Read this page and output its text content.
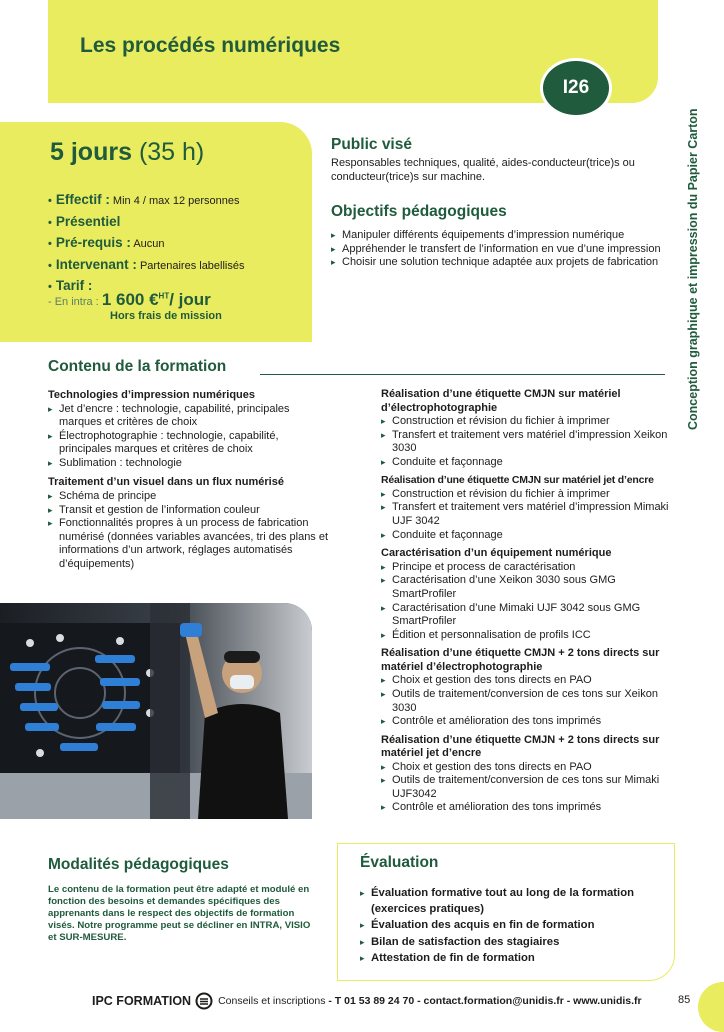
Les procédés numériques
I26
Conception graphique et impression du Papier Carton
5 jours (35 h)
• Effectif : Min 4 / max 12 personnes
• Présentiel
• Pré-requis : Aucun
• Intervenant : Partenaires labellisés
• Tarif :
- En intra : 1 600 €$^{HT}$/ jour
Hors frais de mission
Public visé
Responsables techniques, qualité, aides-conducteur(trice)s ou conducteur(trice)s sur machine.
Objectifs pédagogiques
▸ Manipuler différents équipements d’impression numérique
▸ Appréhender le transfert de l’information en vue d’une impression
▸ Choisir une solution technique adaptée aux projets de fabrication
Contenu de la formation
Technologies d’impression numériques
▸ Jet d’encre : technologie, capabilité, principales marques et critères de choix
▸ Électrophotographie : technologie, capabilité, principales marques et critères de choix
▸ Sublimation : technologie
Traitement d’un visuel dans un flux numérisé
▸ Schéma de principe
▸ Transit et gestion de l’information couleur
▸ Fonctionnalités propres à un process de fabrication numérisé (données variables avancées, tri des plans et informations d’un artwork, réglages automatisés d’équipements)
Réalisation d’une étiquette CMJN sur matériel d’électrophotographie
▸ Construction et révision du fichier à imprimer
▸ Transfert et traitement vers matériel d’impression Xeikon 3030
▸ Conduite et façonnage
Réalisation d’une étiquette CMJN sur matériel jet d’encre
▸ Construction et révision du fichier à imprimer
▸ Transfert et traitement vers matériel d’impression Mimaki UJF 3042
▸ Conduite et façonnage
Caractérisation d’un équipement numérique
▸ Principe et process de caractérisation
▸ Caractérisation d’une Xeikon 3030 sous GMG SmartProfiler
▸ Caractérisation d’une Mimaki UJF 3042 sous GMG SmartProfiler
▸ Édition et personnalisation de profils ICC
Réalisation d’une étiquette CMJN + 2 tons directs sur matériel d’électrophotographie
▸ Choix et gestion des tons directs en PAO
▸ Outils de traitement/conversion de ces tons sur Xeikon 3030
▸ Contrôle et amélioration des tons imprimés
Réalisation d’une étiquette CMJN + 2 tons directs sur matériel jet d’encre
▸ Choix et gestion des tons directs en PAO
▸ Outils de traitement/conversion de ces tons sur Mimaki UJF3042
▸ Contrôle et amélioration des tons imprimés
Modalités pédagogiques
Le contenu de la formation peut être adapté et modulé en fonction des besoins et demandes spécifiques des apprenants dans le respect des objectifs de formation visés. Notre programme peut se décliner en INTRA, VISIO et SUR-MESURE.
Évaluation
▸ Évaluation formative tout au long de la formation (exercices pratiques)
▸ Évaluation des acquis en fin de formation
▸ Bilan de satisfaction des stagiaires
▸ Attestation de fin de formation
IPC FORMATION	Conseils et inscriptions - T 01 53 89 24 70 - contact.formation@unidis.fr - www.unidis.fr	85
